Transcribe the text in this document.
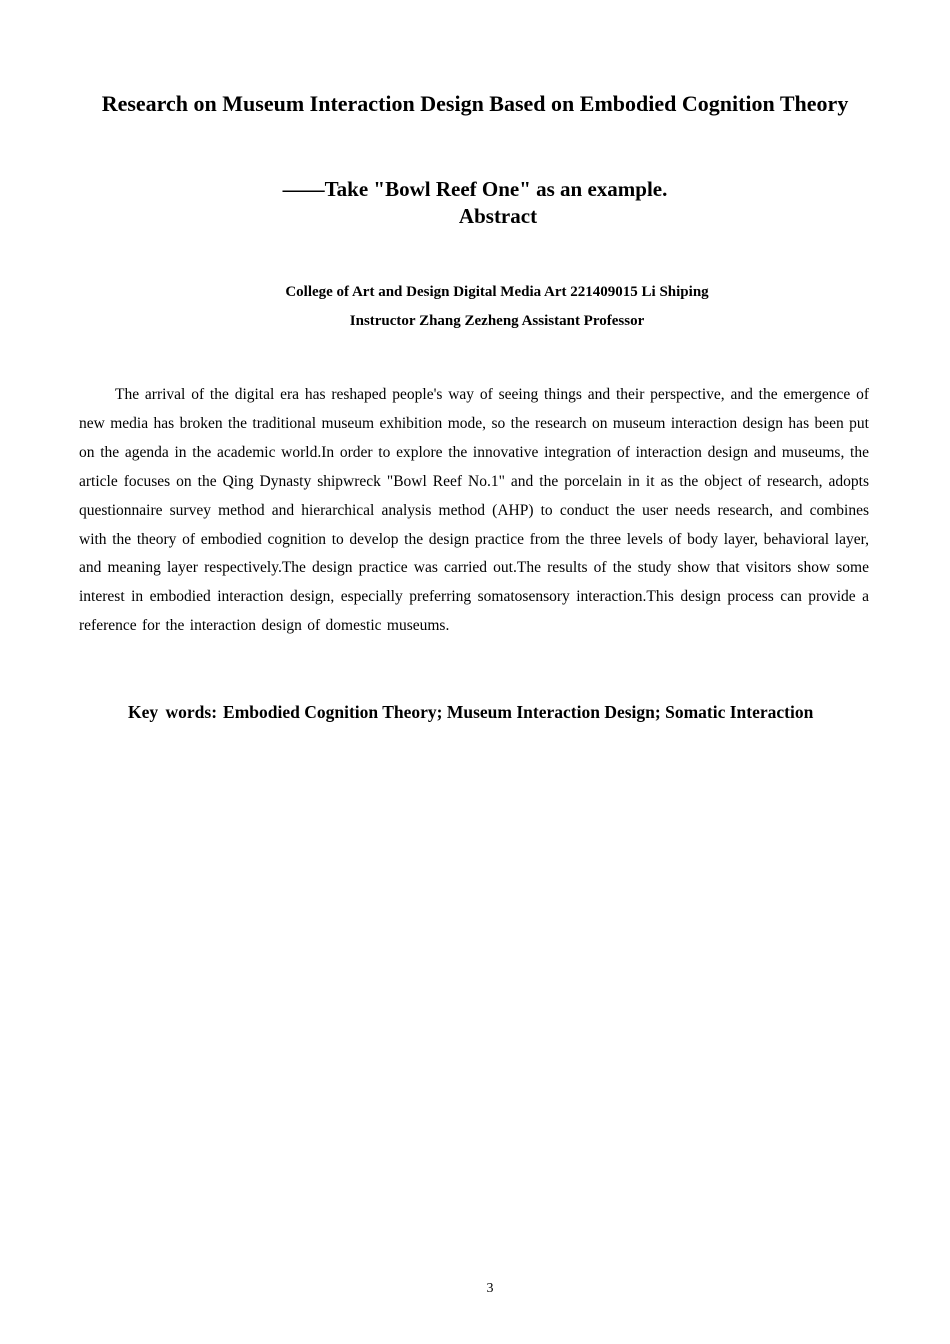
Research on Museum Interaction Design Based on Embodied Cognition Theory
——Take "Bowl Reef One" as an example.
Abstract
College of Art and Design Digital Media Art 221409015 Li Shiping
Instructor Zhang Zezheng Assistant Professor

The arrival of the digital era has reshaped people's way of seeing things and their perspective, and the emergence of new media has broken the traditional museum exhibition mode, so the research on museum interaction design has been put on the agenda in the academic world.In order to explore the innovative integration of interaction design and museums, the article focuses on the Qing Dynasty shipwreck "Bowl Reef No.1" and the porcelain in it as the object of research, adopts questionnaire survey method and hierarchical analysis method (AHP) to conduct the user needs research, and combines with the theory of embodied cognition to develop the design practice from the three levels of body layer, behavioral layer, and meaning layer respectively.The design practice was carried out.The results of the study show that visitors show some interest in embodied interaction design, especially preferring somatosensory interaction.This design process can provide a reference for the interaction design of domestic museums.

Key words: Embodied Cognition Theory; Museum Interaction Design; Somatic Interaction

3
